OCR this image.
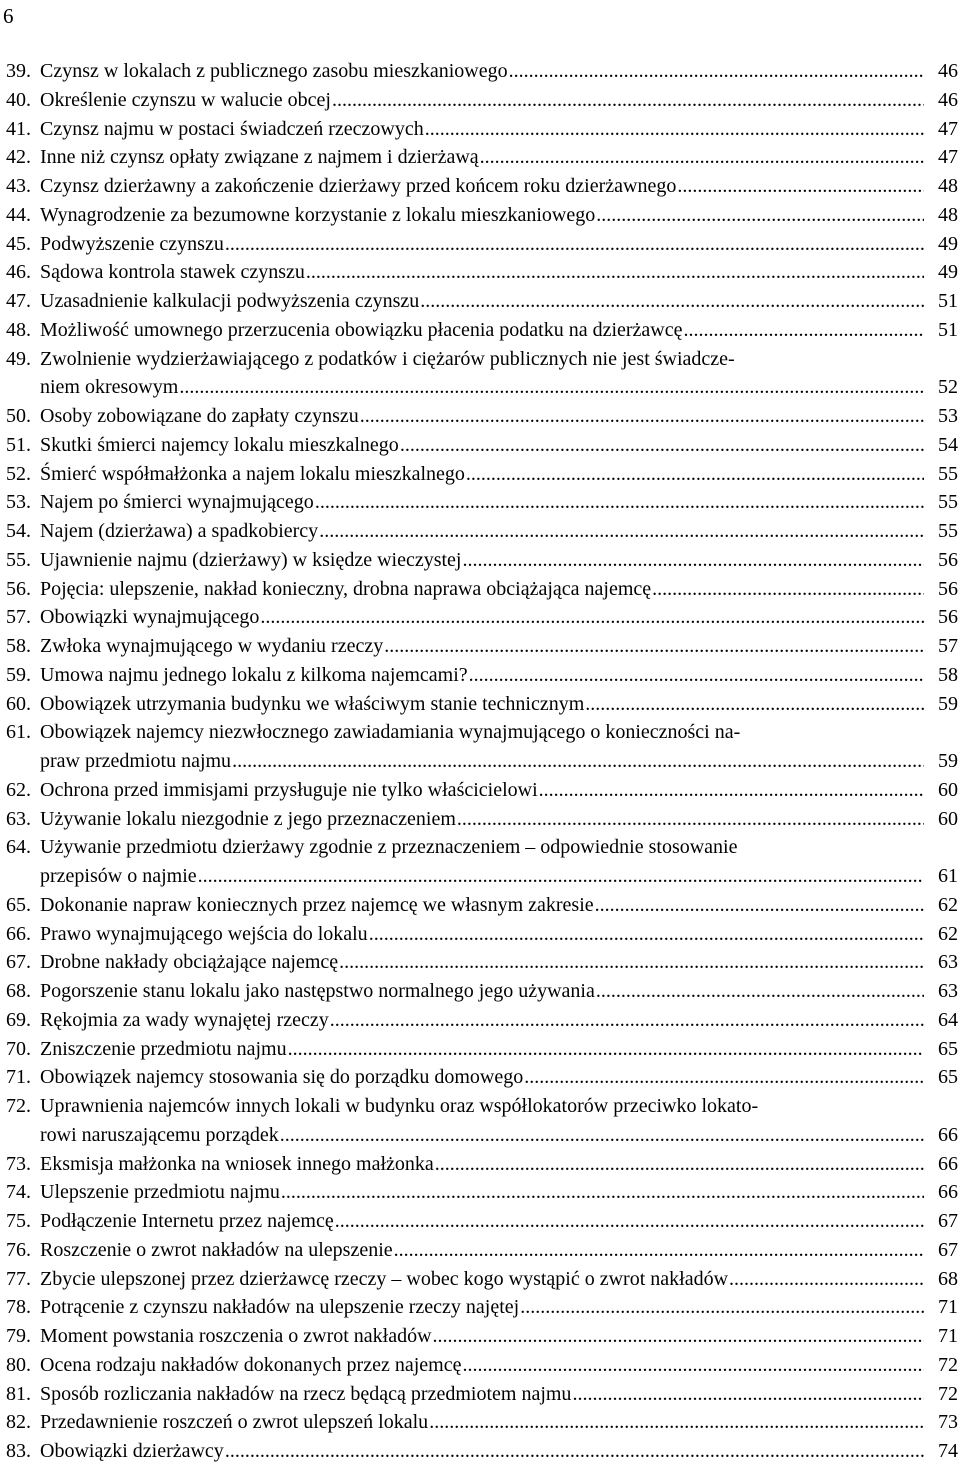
6
39. Czynsz w lokalach z publicznego zasobu mieszkaniowego .....	46
40. Określenie czynszu w walucie obcej .....	46
41. Czynsz najmu w postaci świadczeń rzeczowych .....	47
42. Inne niż czynsz opłaty związane z najmem i dzierżawą .....	47
43. Czynsz dzierżawny a zakończenie dzierżawy przed końcem roku dzierżawnego .....	48
44. Wynagrodzenie za bezumowne korzystanie z lokalu mieszkaniowego .....	48
45. Podwyższenie czynszu .....	49
46. Sądowa kontrola stawek czynszu .....	49
47. Uzasadnienie kalkulacji podwyższenia czynszu .....	51
48. Możliwość umownego przerzucenia obowiązku płacenia podatku na dzierżawcę .....	51
49. Zwolnienie wydzierżawiającego z podatków i ciężarów publicznych nie jest świadcze-
niem okresowym .....	52
50. Osoby zobowiązane do zapłaty czynszu .....	53
51. Skutki śmierci najemcy lokalu mieszkalnego .....	54
52. Śmierć współmałżonka a najem lokalu mieszkalnego .....	55
53. Najem po śmierci wynajmującego .....	55
54. Najem (dzierżawa) a spadkobiercy .....	55
55. Ujawnienie najmu (dzierżawy) w księdze wieczystej .....	56
56. Pojęcia: ulepszenie, nakład konieczny, drobna naprawa obciążająca najemcę .....	56
57. Obowiązki wynajmującego .....	56
58. Zwłoka wynajmującego w wydaniu rzeczy .....	57
59. Umowa najmu jednego lokalu z kilkoma najemcami? .....	58
60. Obowiązek utrzymania budynku we właściwym stanie technicznym .....	59
61. Obowiązek najemcy niezwłocznego zawiadamiania wynajmującego o konieczności na-
praw przedmiotu najmu .....	59
62. Ochrona przed immisjami przysługuje nie tylko właścicielowi .....	60
63. Używanie lokalu niezgodnie z jego przeznaczeniem .....	60
64. Używanie przedmiotu dzierżawy zgodnie z przeznaczeniem – odpowiednie stosowanie
przepisów o najmie .....	61
65. Dokonanie napraw koniecznych przez najemcę we własnym zakresie .....	62
66. Prawo wynajmującego wejścia do lokalu .....	62
67. Drobne nakłady obciążające najemcę .....	63
68. Pogorszenie stanu lokalu jako następstwo normalnego jego używania .....	63
69. Rękojmia za wady wynajętej rzeczy .....	64
70. Zniszczenie przedmiotu najmu .....	65
71. Obowiązek najemcy stosowania się do porządku domowego .....	65
72. Uprawnienia najemców innych lokali w budynku oraz współlokatorów przeciwko lokato-
rowi naruszającemu porządek .....	66
73. Eksmisja małżonka na wniosek innego małżonka .....	66
74. Ulepszenie przedmiotu najmu .....	66
75. Podłączenie Internetu przez najemcę .....	67
76. Roszczenie o zwrot nakładów na ulepszenie .....	67
77. Zbycie ulepszonej przez dzierżawcę rzeczy – wobec kogo wystąpić o zwrot nakładów .....	68
78. Potrącenie z czynszu nakładów na ulepszenie rzeczy najętej .....	71
79. Moment powstania roszczenia o zwrot nakładów .....	71
80. Ocena rodzaju nakładów dokonanych przez najemcę .....	72
81. Sposób rozliczania nakładów na rzecz będącą przedmiotem najmu .....	72
82. Przedawnienie roszczeń o zwrot ulepszeń lokalu .....	73
83. Obowiązki dzierżawcy .....	74
